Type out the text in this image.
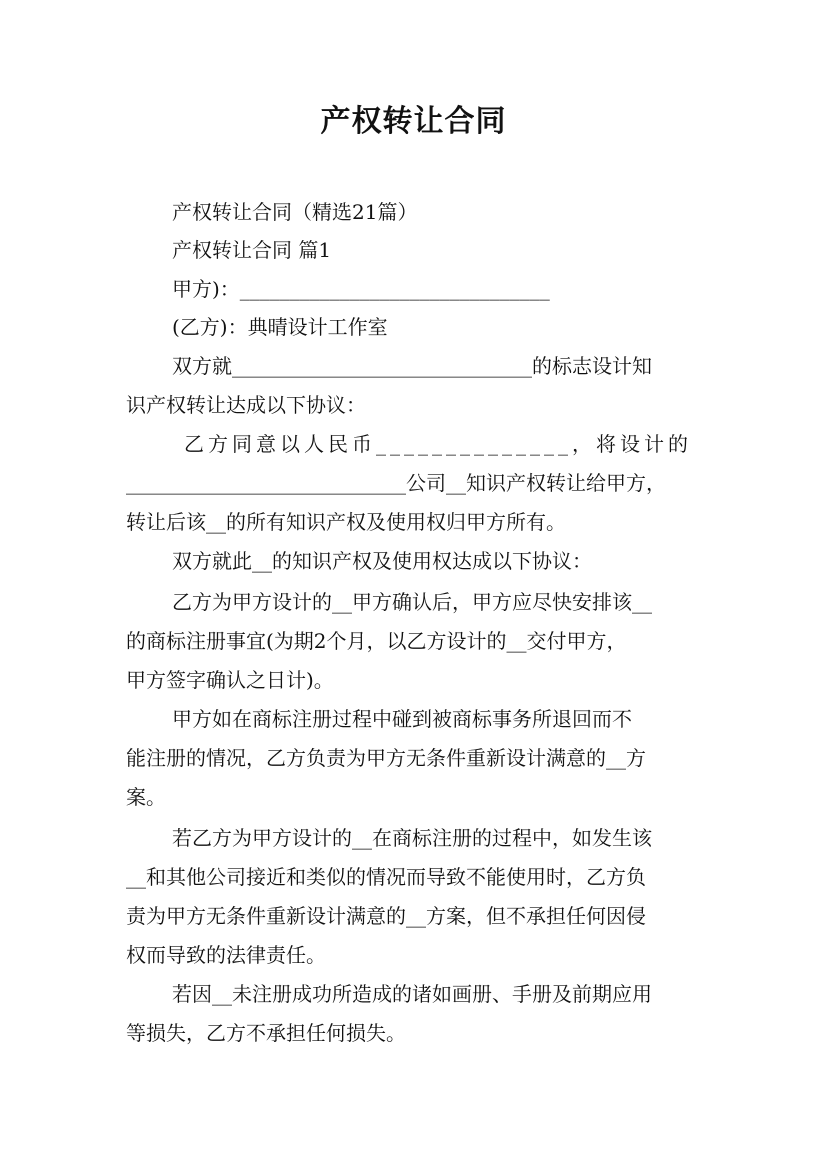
产权转让合同
产权转让合同（精选21篇）
产权转让合同 篇1
甲方)：_______________________________
(乙方)：典晴设计工作室
双方就______________________________的标志设计知
识产权转让达成以下协议：
乙方同意以人民币______________，将设计的
____________________________公司__知识产权转让给甲方，
转让后该__的所有知识产权及使用权归甲方所有。
双方就此__的知识产权及使用权达成以下协议：
乙方为甲方设计的__甲方确认后，甲方应尽快安排该__
的商标注册事宜(为期2个月，以乙方设计的__交付甲方，
甲方签字确认之日计)。
甲方如在商标注册过程中碰到被商标事务所退回而不
能注册的情况，乙方负责为甲方无条件重新设计满意的__方
案。
若乙方为甲方设计的__在商标注册的过程中，如发生该
__和其他公司接近和类似的情况而导致不能使用时，乙方负
责为甲方无条件重新设计满意的__方案，但不承担任何因侵
权而导致的法律责任。
若因__未注册成功所造成的诸如画册、手册及前期应用
等损失，乙方不承担任何损失。
